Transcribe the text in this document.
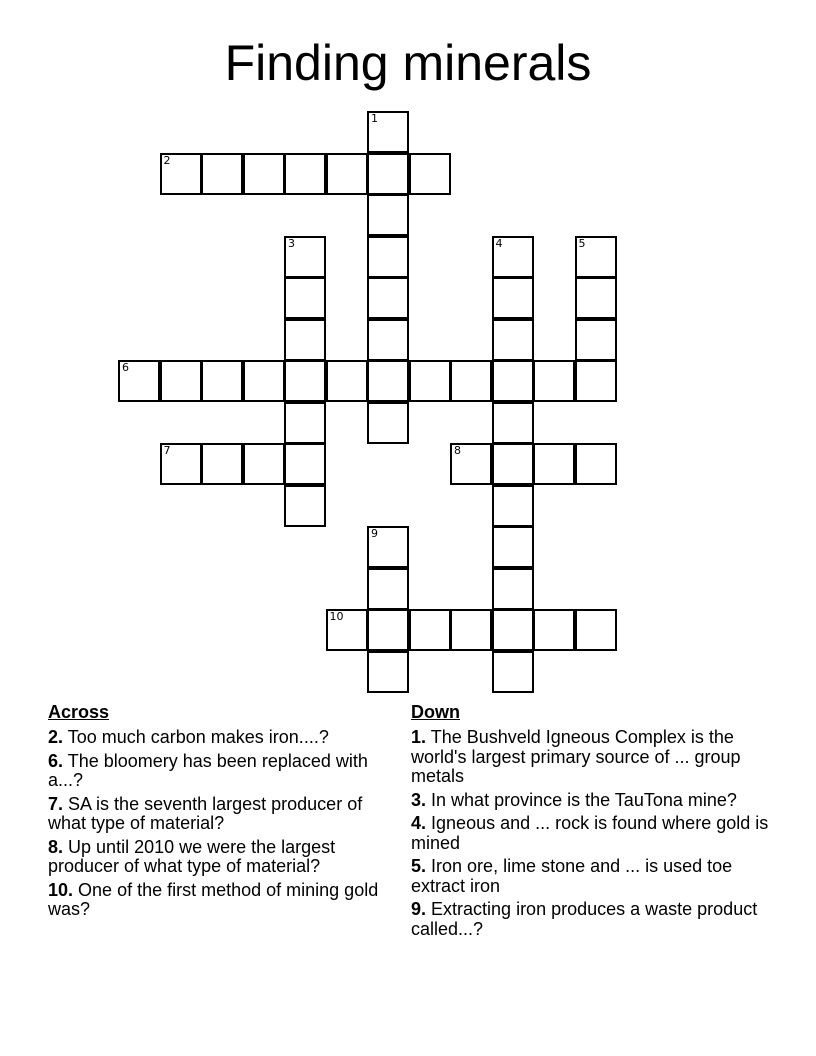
Finding minerals
1
2
3	4	5
6
7	8
9
10
Across
2. Too much carbon makes iron....?
6. The bloomery has been replaced with a...?
7. SA is the seventh largest producer of what type of material?
8. Up until 2010 we were the largest producer of what type of material?
10. One of the first method of mining gold was?
Down
1. The Bushveld Igneous Complex is the world's largest primary source of ... group metals
3. In what province is the TauTona mine?
4. Igneous and ... rock is found where gold is mined
5. Iron ore, lime stone and ... is used toe extract iron
9. Extracting iron produces a waste product called...?
